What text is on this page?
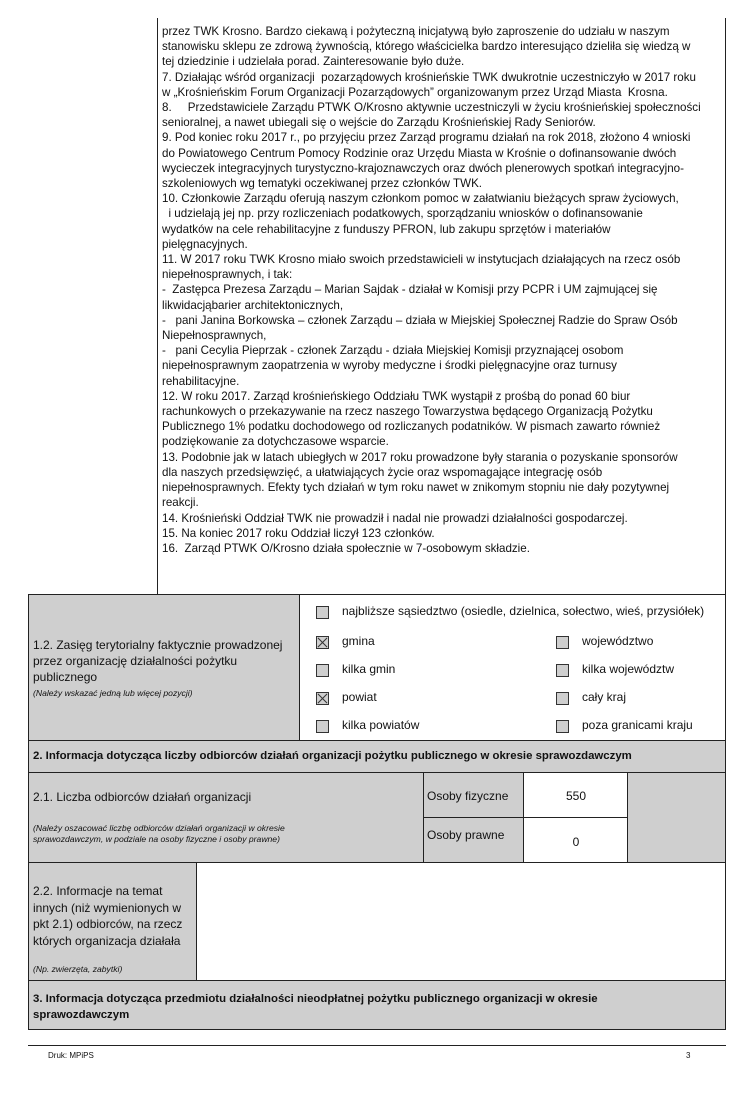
przez TWK Krosno. Bardzo ciekawą i pożyteczną inicjatywą było zaproszenie do udziału w naszym

stanowisku sklepu ze zdrową żywnością, którego właścicielka bardzo interesująco dzieliła się wiedzą w

tej dziedzinie i udzielała porad. Zainteresowanie było duże.

7. Działając wśród organizacji  pozarządowych krośnieńskie TWK dwukrotnie uczestniczyło w 2017 roku

w „Krośnieńskim Forum Organizacji Pozarządowych” organizowanym przez Urząd Miasta  Krosna.

8.     Przedstawiciele Zarządu PTWK O/Krosno aktywnie uczestniczyli w życiu krośnieńskiej społeczności

senioralnej, a nawet ubiegali się o wejście do Zarządu Krośnieńskiej Rady Seniorów.

9. Pod koniec roku 2017 r., po przyjęciu przez Zarząd programu działań na rok 2018, złożono 4 wnioski

do Powiatowego Centrum Pomocy Rodzinie oraz Urzędu Miasta w Krośnie o dofinansowanie dwóch

wycieczek integracyjnych turystyczno-krajoznawczych oraz dwóch plenerowych spotkań integracyjno-

szkoleniowych wg tematyki oczekiwanej przez członków TWK.

10. Członkowie Zarządu oferują naszym członkom pomoc w załatwianiu bieżących spraw życiowych,

i udzielają jej np. przy rozliczeniach podatkowych, sporządzaniu wniosków o dofinansowanie

wydatków na cele rehabilitacyjne z funduszy PFRON, lub zakupu sprzętów i materiałów

pielęgnacyjnych.

11. W 2017 roku TWK Krosno miało swoich przedstawicieli w instytucjach działających na rzecz osób

niepełnosprawnych, i tak:

-  Zastępca Prezesa Zarządu – Marian Sajdak - działał w Komisji przy PCPR i UM zajmującej się

likwidacjąbarier architektonicznych,

-   pani Janina Borkowska – członek Zarządu – działa w Miejskiej Społecznej Radzie do Spraw Osób

Niepełnosprawnych,

-   pani Cecylia Pieprzak - członek Zarządu - działa Miejskiej Komisji przyznającej osobom

niepełnosprawnym zaopatrzenia w wyroby medyczne i środki pielęgnacyjne oraz turnusy

rehabilitacyjne.

12. W roku 2017. Zarząd krośnieńskiego Oddziału TWK wystąpił z prośbą do ponad 60 biur

rachunkowych o przekazywanie na rzecz naszego Towarzystwa będącego Organizacją Pożytku

Publicznego 1% podatku dochodowego od rozliczanych podatników. W pismach zawarto również

podziękowanie za dotychczasowe wsparcie.

13. Podobnie jak w latach ubiegłych w 2017 roku prowadzone były starania o pozyskanie sponsorów

dla naszych przedsięwzięć, a ułatwiających życie oraz wspomagające integrację osób

niepełnosprawnych. Efekty tych działań w tym roku nawet w znikomym stopniu nie dały pozytywnej

reakcji.

14. Krośnieński Oddział TWK nie prowadził i nadal nie prowadzi działalności gospodarczej.

15. Na koniec 2017 roku Oddział liczył 123 członków.

16.  Zarząd PTWK O/Krosno działa społecznie w 7-osobowym składzie.

1.2. Zasięg terytorialny faktycznie prowadzonej przez organizację działalności pożytku publicznego
(Należy wskazać jedną lub więcej pozycji)
najbliższe sąsiedztwo (osiedle, dzielnica, sołectwo, wieś, przysiółek)
gmina	województwo
kilka gmin	kilka województw
powiat	cały kraj
kilka powiatów	poza granicami kraju
2. Informacja dotycząca liczby odbiorców działań organizacji pożytku publicznego w okresie sprawozdawczym
2.1. Liczba odbiorców działań organizacji
(Należy oszacować liczbę odbiorców działań organizacji w okresie sprawozdawczym, w podziale na osoby fizyczne i osoby prawne)
Osoby fizyczne	550
Osoby prawne	0
2.2. Informacje na temat innych (niż wymienionych w pkt 2.1) odbiorców, na rzecz których organizacja działała
(Np. zwierzęta, zabytki)
3. Informacja dotycząca przedmiotu działalności nieodpłatnej pożytku publicznego organizacji w okresie sprawozdawczym
Druk: MPiPS	3
